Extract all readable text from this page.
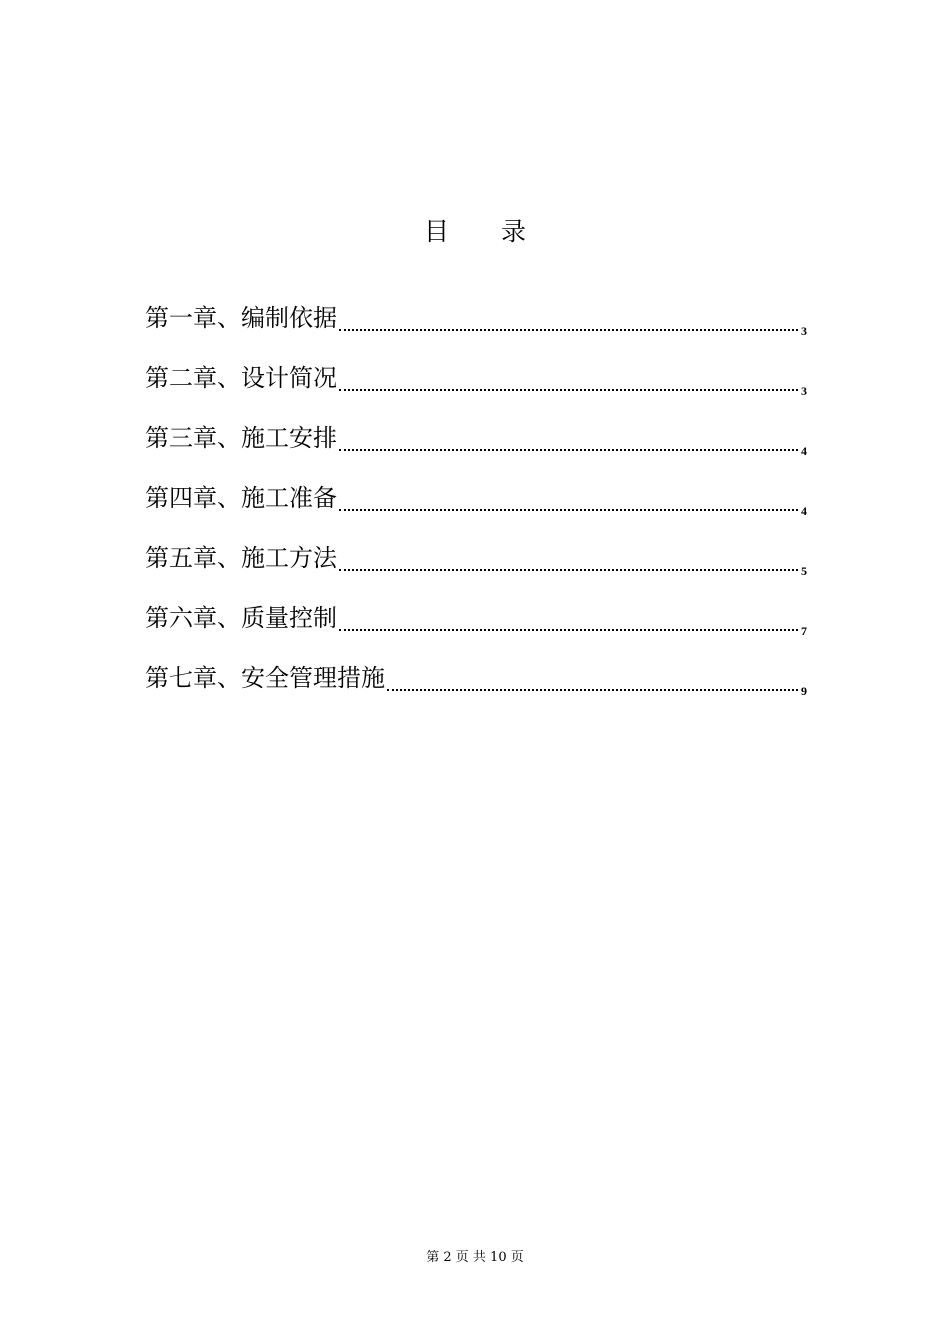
目 录
第一章、编制依据	3
第二章、设计简况	3
第三章、施工安排	4
第四章、施工准备	4
第五章、施工方法	5
第六章、质量控制	7
第七章、安全管理措施	9
第 2 页 共 10 页
